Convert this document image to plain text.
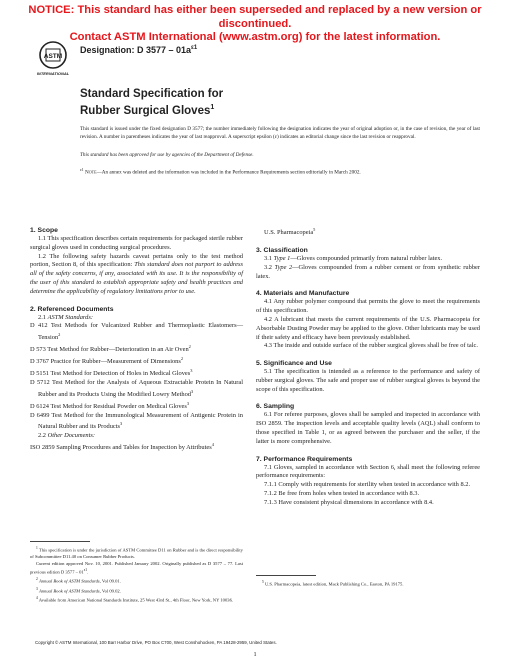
NOTICE: This standard has either been superseded and replaced by a new version or discontinued.
Contact ASTM International (www.astm.org) for the latest information.
ASTM
INTERNATIONAL
Designation: D $3577 - 01a^{\varepsilon 1}$
Standard Specification for
Rubber Surgical Gloves$^1$
This standard is issued under the fixed designation D 3577; the number immediately following the designation indicates the year of original adoption or, in the case of revision, the year of last revision. A number in parentheses indicates the year of last reapproval. A superscript epsilon (ε) indicates an editorial change since the last revision or reapproval.
This standard has been approved for use by agencies of the Department of Defense.
$^{\varepsilon 1}$ Note—An annex was deleted and the information was included in the Performance Requirements section editorially in March 2002.
1. Scope

1.1 This specification describes certain requirements for packaged sterile rubber surgical gloves used in conducting surgical procedures.

1.2 The following safety hazards caveat pertains only to the test method portion, Section 8, of this specification: This standard does not purport to address all of the safety concerns, if any, associated with its use. It is the responsibility of the user of this standard to establish appropriate safety and health practices and determine the applicability of regulatory limitations prior to use.

2. Referenced Documents

2.1 ASTM Standards:

D 412 Test Methods for Vulcanized Rubber and Thermoplastic Elastomers—Tension$^2$

D 573 Test Method for Rubber—Deterioration in an Air Oven$^2$

D 3767 Practice for Rubber—Measurement of Dimensions$^2$

D 5151 Test Method for Detection of Holes in Medical Gloves$^3$

D 5712 Test Method for the Analysis of Aqueous Extractable Protein In Natural Rubber and its Products Using the Modified Lowry Method$^3$

D 6124 Test Method for Residual Powder on Medical Gloves$^3$

D 6499 Test Method for the Immunological Measurement of Antigenic Protein in Natural Rubber and its Products$^3$

2.2 Other Documents:

ISO 2859 Sampling Procedures and Tables for Inspection by Attributes$^4$

$^1$ This specification is under the jurisdiction of ASTM Committee D11 on Rubber and is the direct responsibility of Subcommittee D11.40 on Consumer Rubber Products.

Current edition approved Nov. 10, 2001. Published January 2002. Originally published as D 3577 – 77. Last previous edition D $3577 - 01^{\varepsilon 1}$.

$^2$ Annual Book of ASTM Standards, Vol 09.01.

$^3$ Annual Book of ASTM Standards, Vol 09.02.

$^4$ Available from American National Standards Institute, 25 West 43rd St., 4th Floor, New York, NY 10036.

U.S. Pharmacopeia$^5$

3. Classification

3.1 Type 1—Gloves compounded primarily from natural rubber latex.

3.2 Type 2—Gloves compounded from a rubber cement or from synthetic rubber latex.

4. Materials and Manufacture

4.1 Any rubber polymer compound that permits the glove to meet the requirements of this specification.

4.2 A lubricant that meets the current requirements of the U.S. Pharmacopeia for Absorbable Dusting Powder may be applied to the glove. Other lubricants may be used if their safety and efficacy have been previously established.

4.3 The inside and outside surface of the rubber surgical gloves shall be free of talc.

5. Significance and Use

5.1 The specification is intended as a reference to the performance and safety of rubber surgical gloves. The safe and proper use of rubber surgical gloves is beyond the scope of this specification.

6. Sampling

6.1 For referee purposes, gloves shall be sampled and inspected in accordance with ISO 2859. The inspection levels and acceptable quality levels (AQL) shall conform to those specified in Table 1, or as agreed between the purchaser and the seller, if the latter is more comprehensive.

7. Performance Requirements

7.1 Gloves, sampled in accordance with Section 6, shall meet the following referee performance requirements:

7.1.1 Comply with requirements for sterility when tested in accordance with 8.2.

7.1.2 Be free from holes when tested in accordance with 8.3.

7.1.3 Have consistent physical dimensions in accordance with 8.4.

$^5$ U.S. Pharmacopeia, latest edition, Mack Publishing Co., Easton, PA 19175.

Copyright © ASTM International, 100 Barr Harbor Drive, PO Box C700, West Conshohocken, PA 19428-2959, United States.
1
